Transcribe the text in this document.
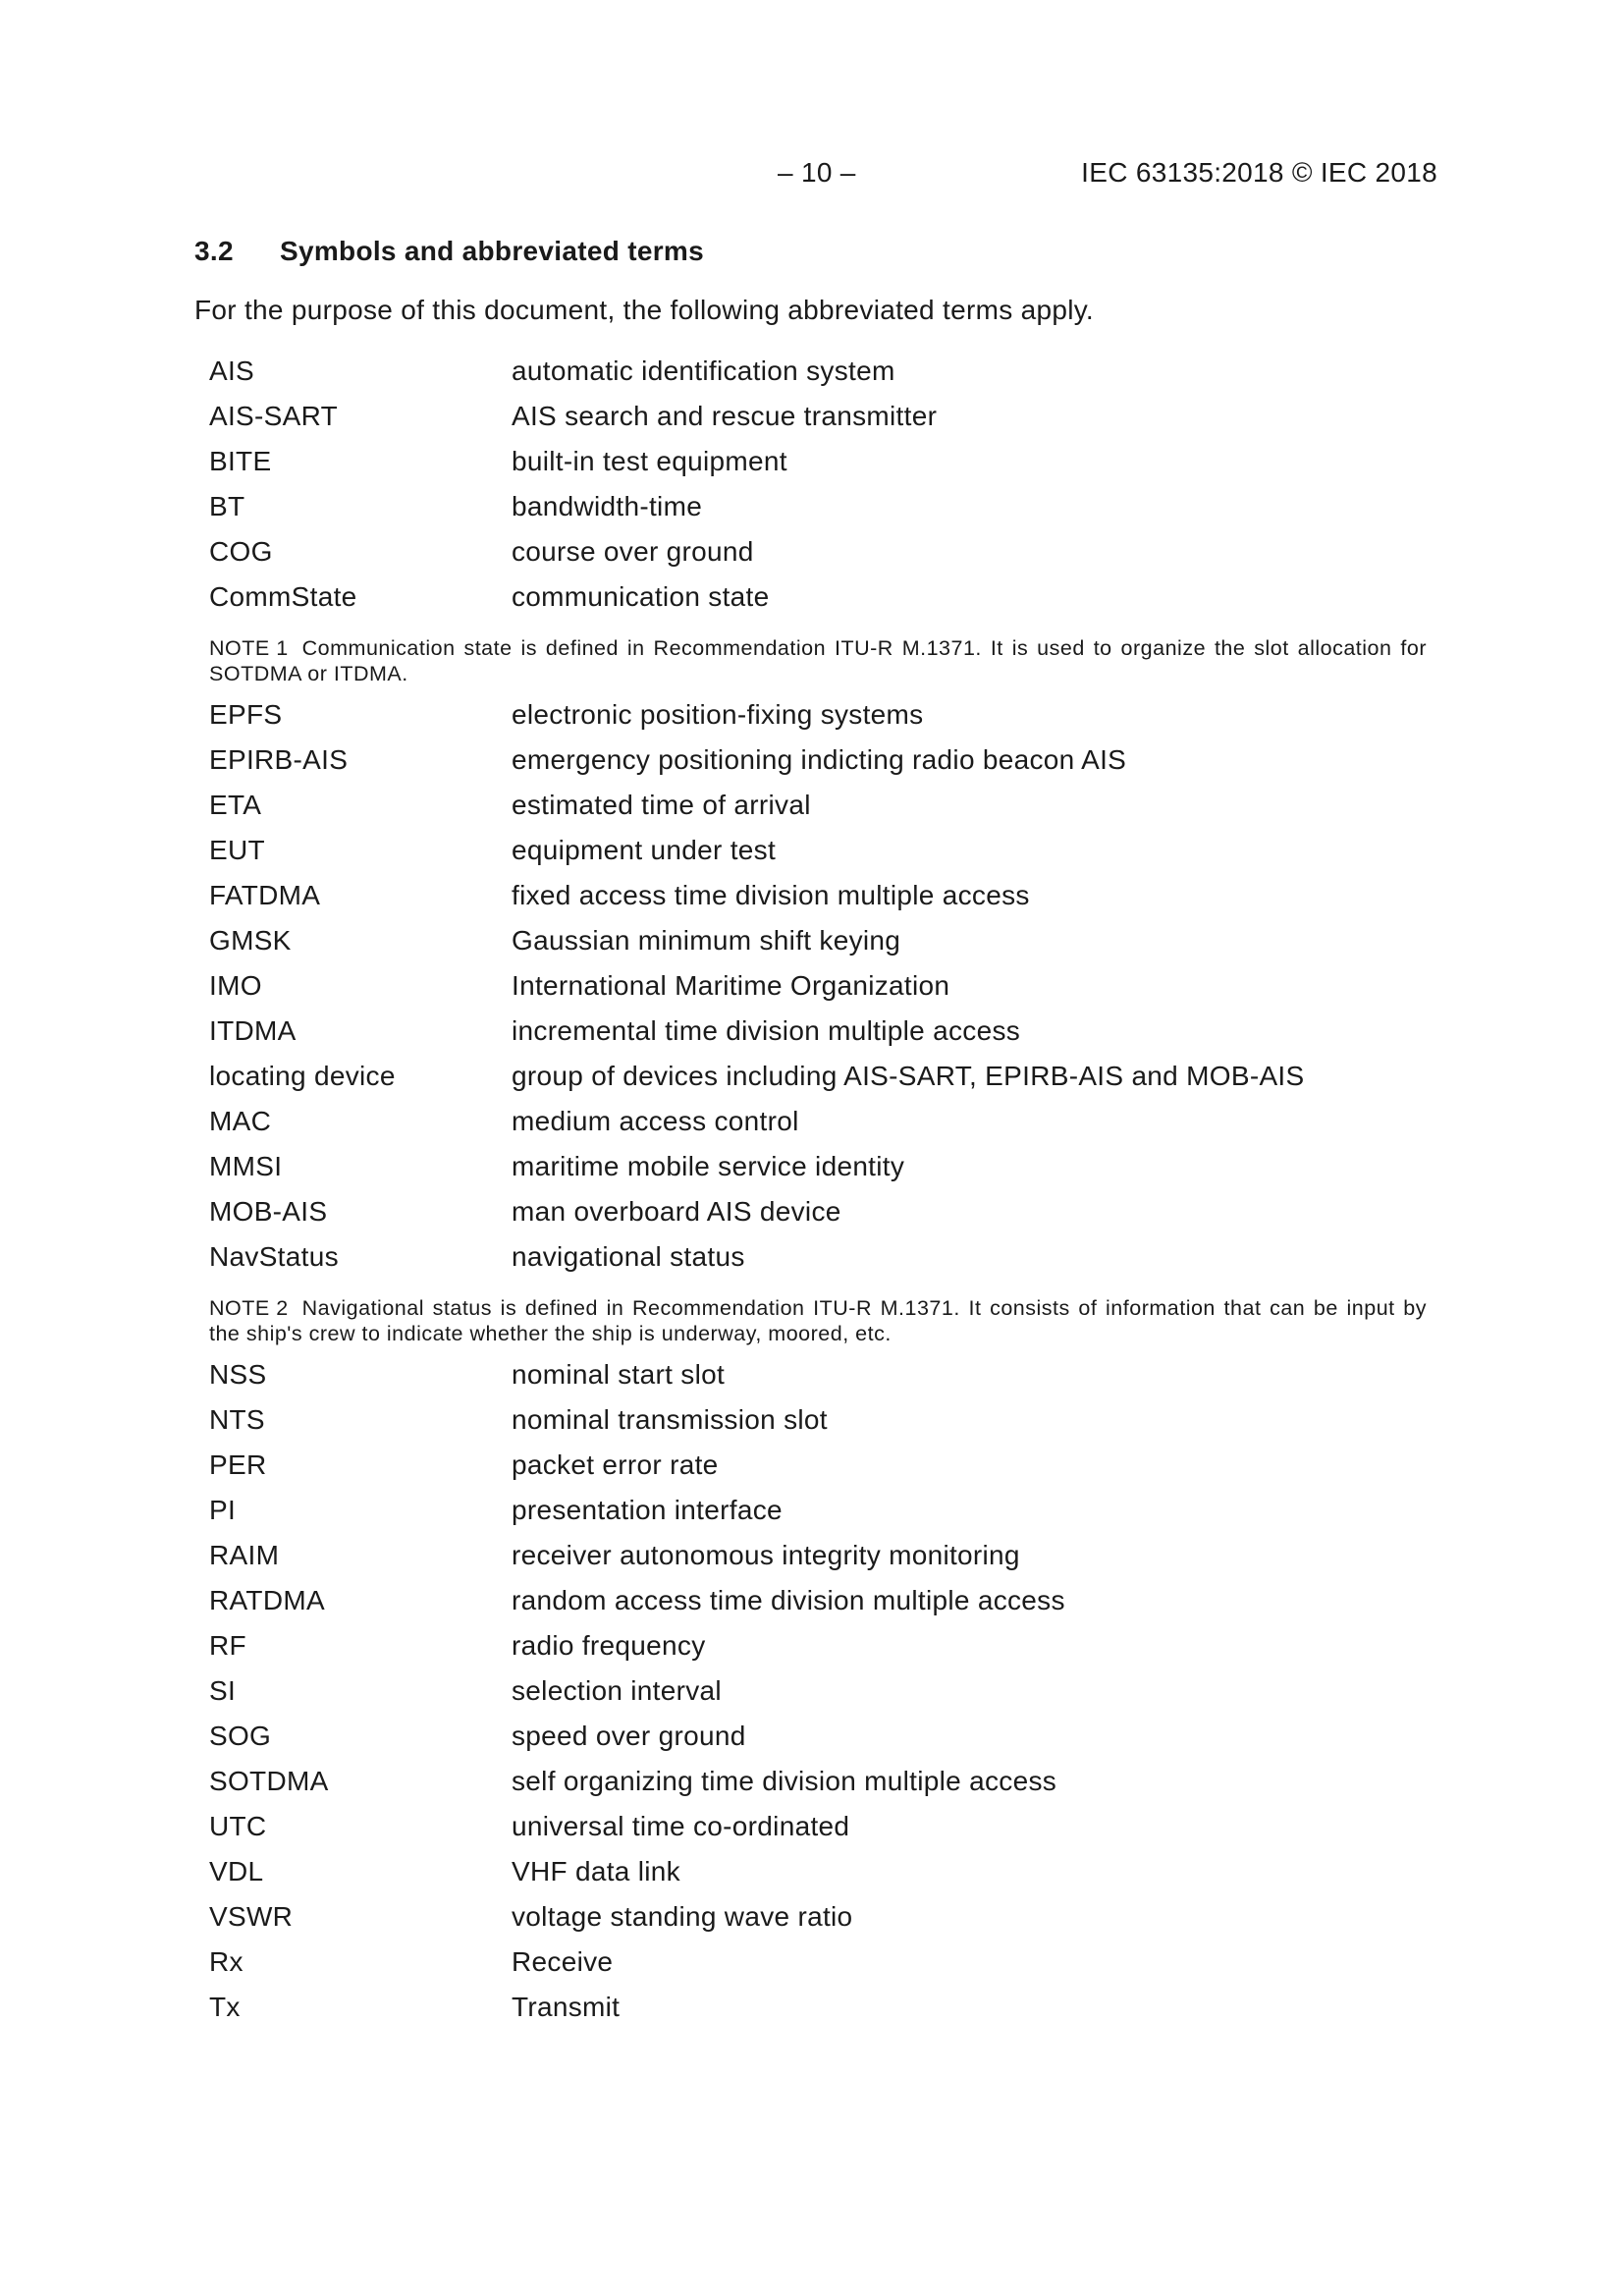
– 10 –	IEC 63135:2018 © IEC 2018
3.2 Symbols and abbreviated terms
For the purpose of this document, the following abbreviated terms apply.
AIS	automatic identification system
AIS-SART	AIS search and rescue transmitter
BITE	built-in test equipment
BT	bandwidth-time
COG	course over ground
CommState	communication state
NOTE 1 Communication state is defined in Recommendation ITU-R M.1371. It is used to organize the slot allocation for SOTDMA or ITDMA.
EPFS	electronic position-fixing systems
EPIRB-AIS	emergency positioning indicting radio beacon AIS
ETA	estimated time of arrival
EUT	equipment under test
FATDMA	fixed access time division multiple access
GMSK	Gaussian minimum shift keying
IMO	International Maritime Organization
ITDMA	incremental time division multiple access
locating device	group of devices including AIS-SART, EPIRB-AIS and MOB-AIS
MAC	medium access control
MMSI	maritime mobile service identity
MOB-AIS	man overboard AIS device
NavStatus	navigational status
NOTE 2 Navigational status is defined in Recommendation ITU-R M.1371. It consists of information that can be input by the ship's crew to indicate whether the ship is underway, moored, etc.
NSS	nominal start slot
NTS	nominal transmission slot
PER	packet error rate
PI	presentation interface
RAIM	receiver autonomous integrity monitoring
RATDMA	random access time division multiple access
RF	radio frequency
SI	selection interval
SOG	speed over ground
SOTDMA	self organizing time division multiple access
UTC	universal time co-ordinated
VDL	VHF data link
VSWR	voltage standing wave ratio
Rx	Receive
Tx	Transmit
